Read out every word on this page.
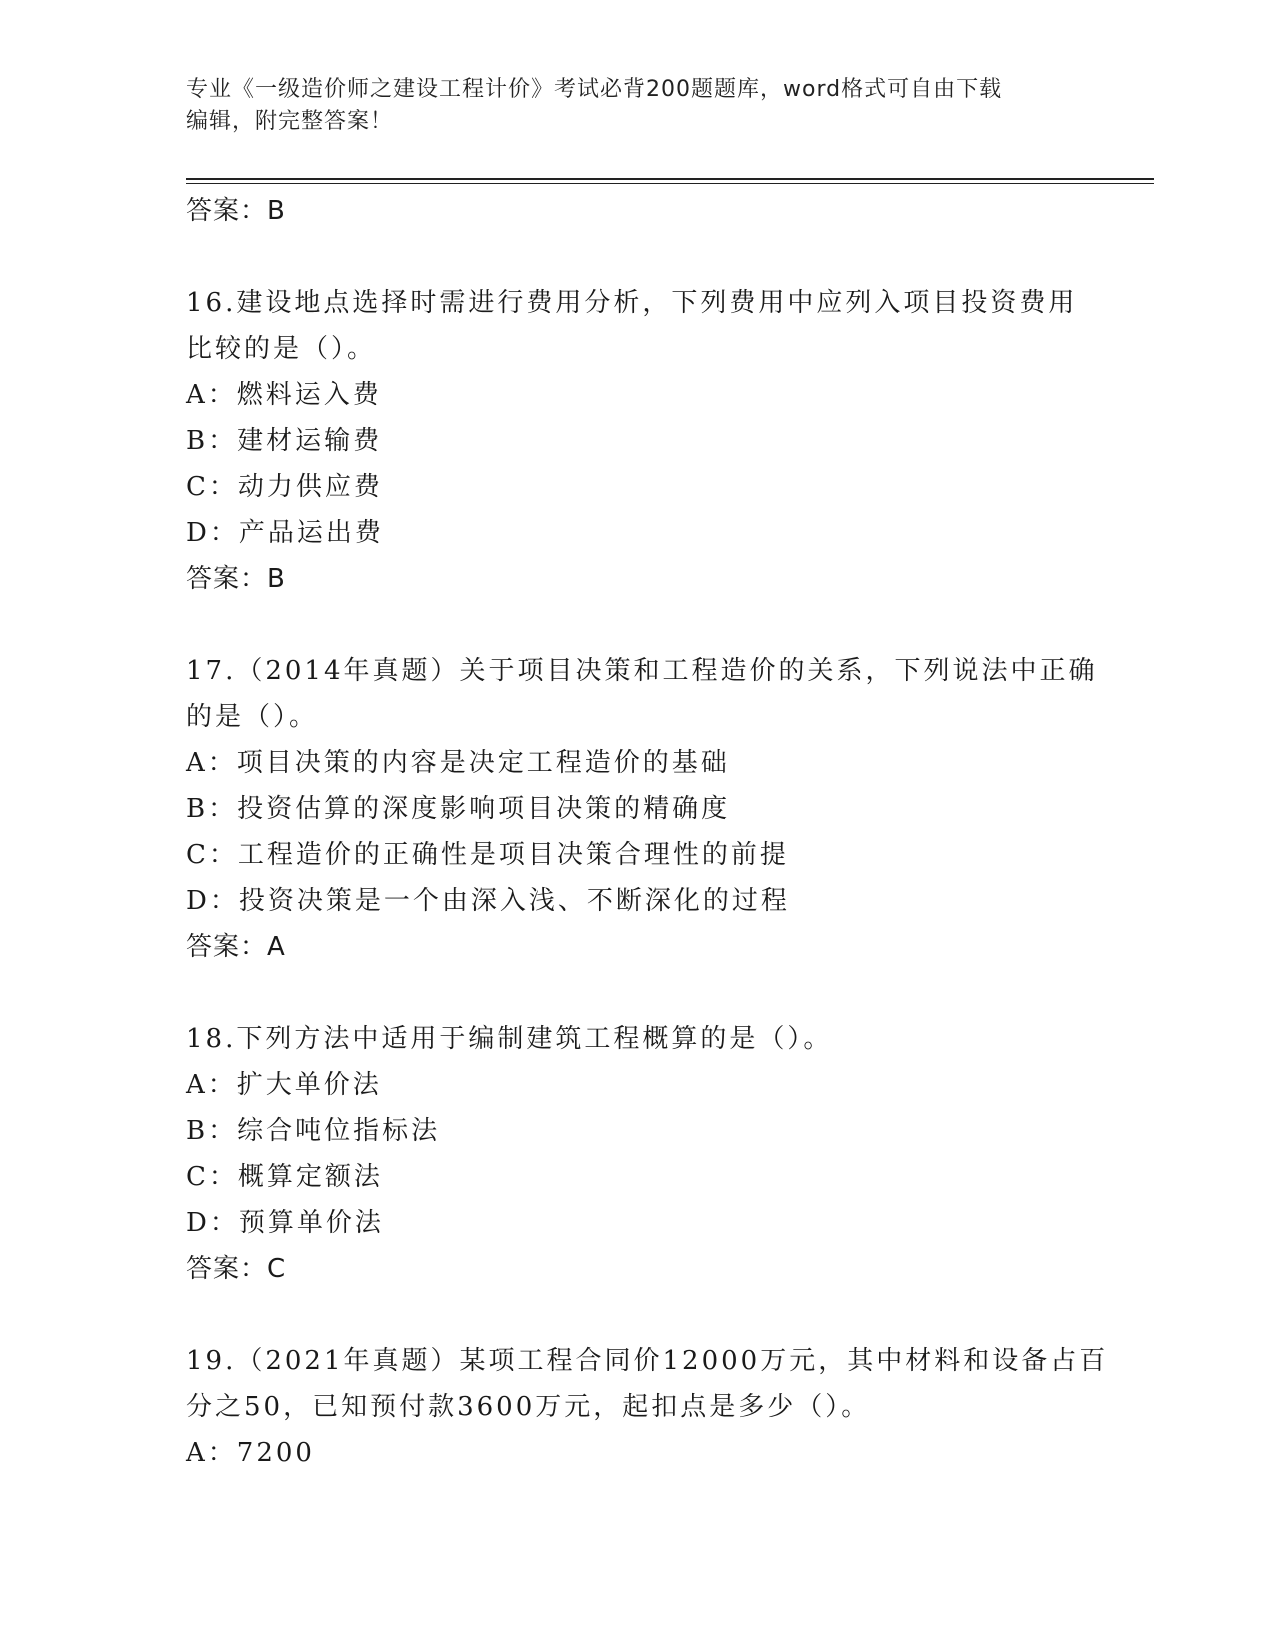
专业《一级造价师之建设工程计价》考试必背200题题库，word格式可自由下载
编辑，附完整答案！
答案：B
16.建设地点选择时需进行费用分析，下列费用中应列入项目投资费用
比较的是（）。
A：燃料运入费
B：建材运输费
C：动力供应费
D：产品运出费
答案：B
17.（2014年真题）关于项目决策和工程造价的关系，下列说法中正确
的是（）。
A：项目决策的内容是决定工程造价的基础
B：投资估算的深度影响项目决策的精确度
C：工程造价的正确性是项目决策合理性的前提
D：投资决策是一个由深入浅、不断深化的过程
答案：A
18.下列方法中适用于编制建筑工程概算的是（）。
A：扩大单价法
B：综合吨位指标法
C：概算定额法
D：预算单价法
答案：C
19.（2021年真题）某项工程合同价12000万元，其中材料和设备占百
分之50，已知预付款3600万元，起扣点是多少（）。
A：7200
